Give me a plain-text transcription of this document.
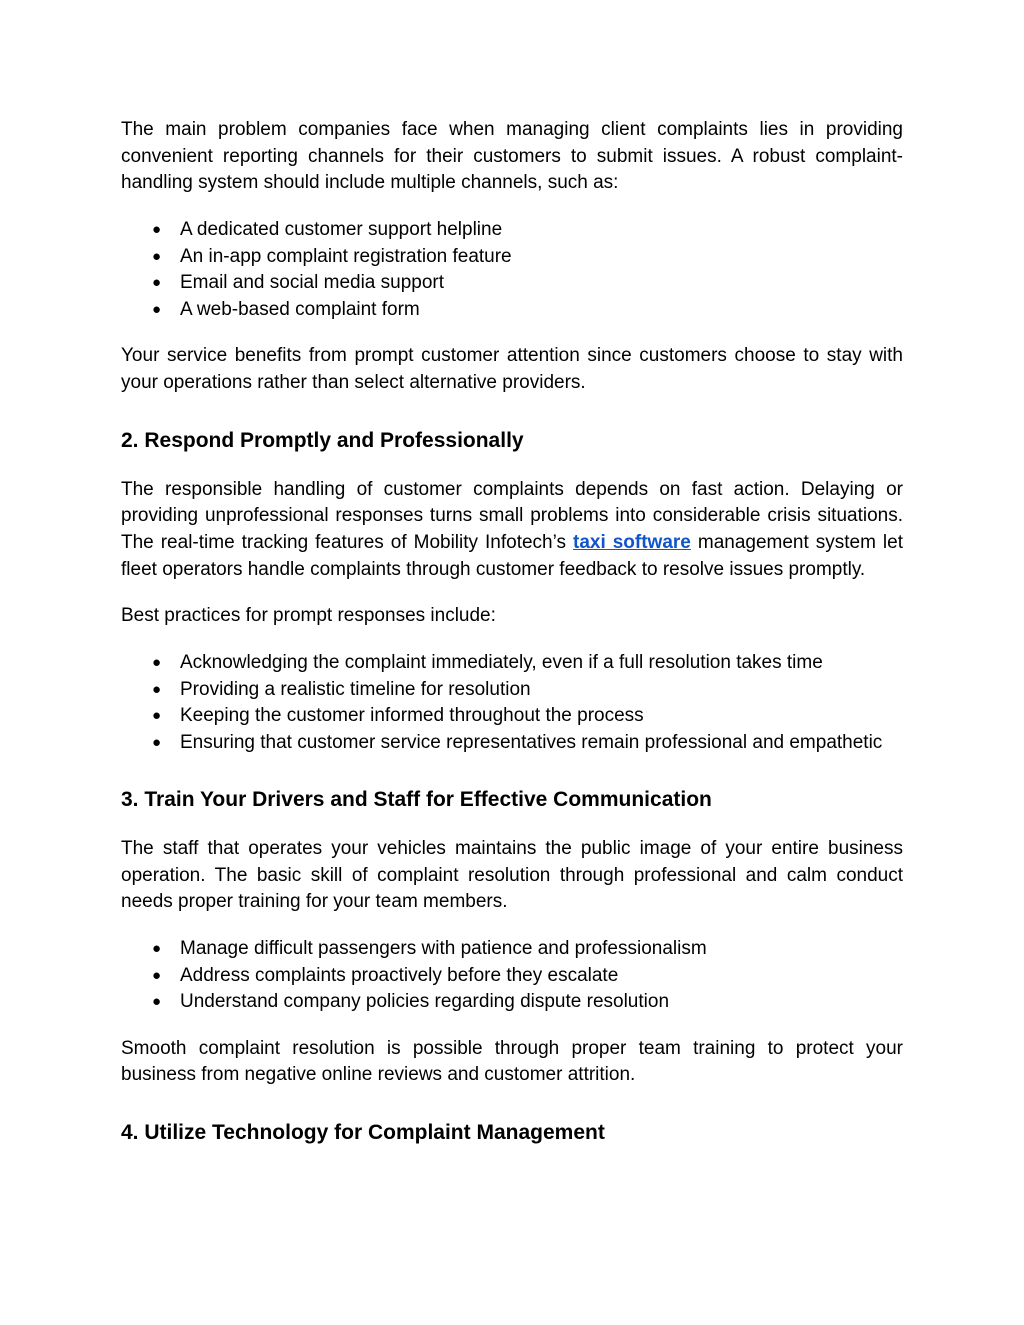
The main problem companies face when managing client complaints lies in providing convenient reporting channels for their customers to submit issues. A robust complaint-handling system should include multiple channels, such as:

● A dedicated customer support helpline
● An in-app complaint registration feature
● Email and social media support
● A web-based complaint form

Your service benefits from prompt customer attention since customers choose to stay with your operations rather than select alternative providers.

2. Respond Promptly and Professionally

The responsible handling of customer complaints depends on fast action. Delaying or providing unprofessional responses turns small problems into considerable crisis situations. The real-time tracking features of Mobility Infotech’s taxi software management system let fleet operators handle complaints through customer feedback to resolve issues promptly.

Best practices for prompt responses include:

● Acknowledging the complaint immediately, even if a full resolution takes time
● Providing a realistic timeline for resolution
● Keeping the customer informed throughout the process
● Ensuring that customer service representatives remain professional and empathetic
3. Train Your Drivers and Staff for Effective Communication

The staff that operates your vehicles maintains the public image of your entire business operation. The basic skill of complaint resolution through professional and calm conduct needs proper training for your team members.

● Manage difficult passengers with patience and professionalism
● Address complaints proactively before they escalate
● Understand company policies regarding dispute resolution

Smooth complaint resolution is possible through proper team training to protect your business from negative online reviews and customer attrition.

4. Utilize Technology for Complaint Management
